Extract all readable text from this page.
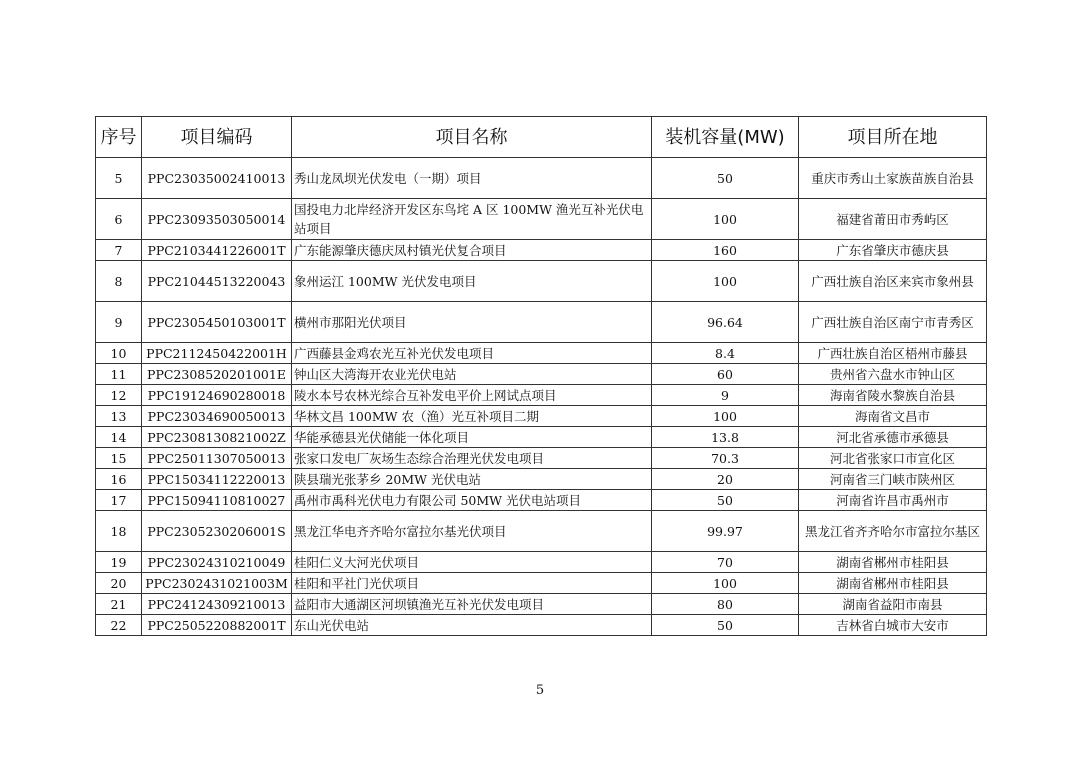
序号	项目编码	项目名称	装机容量(MW)	项目所在地
5	PPC23035002410013	秀山龙凤坝光伏发电（一期）项目	50	重庆市秀山土家族苗族自治县
6	PPC23093503050014	国投电力北岸经济开发区东鸟垞 A 区 100MW 渔光互补光伏电站项目	100	福建省莆田市秀屿区
7	PPC2103441226001T	广东能源肇庆德庆凤村镇光伏复合项目	160	广东省肇庆市德庆县
8	PPC21044513220043	象州运江 100MW 光伏发电项目	100	广西壮族自治区来宾市象州县
9	PPC2305450103001T	横州市那阳光伏项目	96.64	广西壮族自治区南宁市青秀区
10	PPC2112450422001H	广西藤县金鸡农光互补光伏发电项目	8.4	广西壮族自治区梧州市藤县
11	PPC2308520201001E	钟山区大湾海开农业光伏电站	60	贵州省六盘水市钟山区
12	PPC19124690280018	陵水本号农林光综合互补发电平价上网试点项目	9	海南省陵水黎族自治县
13	PPC23034690050013	华林文昌 100MW 农（渔）光互补项目二期	100	海南省文昌市
14	PPC2308130821002Z	华能承德县光伏储能一体化项目	13.8	河北省承德市承德县
15	PPC25011307050013	张家口发电厂灰场生态综合治理光伏发电项目	70.3	河北省张家口市宣化区
16	PPC15034112220013	陕县瑞光张茅乡 20MW 光伏电站	20	河南省三门峡市陕州区
17	PPC15094110810027	禹州市禹科光伏电力有限公司 50MW 光伏电站项目	50	河南省许昌市禹州市
18	PPC2305230206001S	黑龙江华电齐齐哈尔富拉尔基光伏项目	99.97	黑龙江省齐齐哈尔市富拉尔基区
19	PPC23024310210049	桂阳仁义大河光伏项目	70	湖南省郴州市桂阳县
20	PPC2302431021003M	桂阳和平社门光伏项目	100	湖南省郴州市桂阳县
21	PPC24124309210013	益阳市大通湖区河坝镇渔光互补光伏发电项目	80	湖南省益阳市南县
22	PPC2505220882001T	东山光伏电站	50	吉林省白城市大安市
5
